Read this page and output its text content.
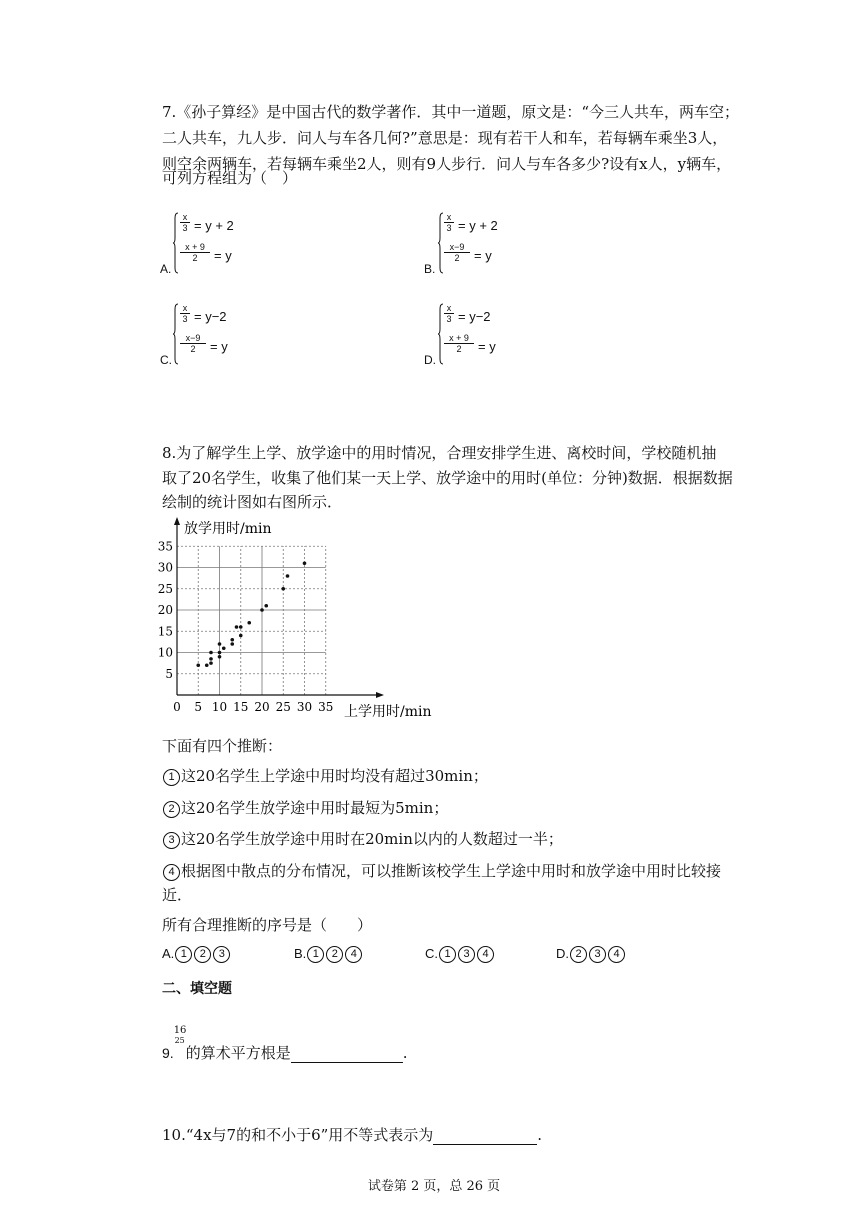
7.《孙子算经》是中国古代的数学著作．其中一道题，原文是：“今三人共车，两车空；
二人共车，九人步．问人与车各几何?”意思是：现有若干人和车，若每辆车乘坐3人，
则空余两辆车，若每辆车乘坐2人，则有9人步行．问人与车各多少?设有x人，y辆车，
可列方程组为（　）
A.
$\frac{x}{3} = y + 2$
$\frac{x + 9}{2} = y$
B.
$\frac{x}{3} = y + 2$
$\frac{x-9}{2} = y$
C.
$\frac{x}{3} = y-2$
$\frac{x-9}{2} = y$
D.
$\frac{x}{3} = y-2$
$\frac{x + 9}{2} = y$
8.为了解学生上学、放学途中的用时情况，合理安排学生进、离校时间，学校随机抽
取了20名学生，收集了他们某一天上学、放学途中的用时(单位：分钟)数据．根据数据
绘制的统计图如右图所示．
0 5 10 15 20 25 30 35
5
10
15
20
25
30
35
放学用时/min
上学用时/min
下面有四个推断：
1 这20名学生上学途中用时均没有超过30min；
2 这20名学生放学途中用时最短为5min；
3 这20名学生放学途中用时在20min以内的人数超过一半；
4 根据图中散点的分布情况，可以推断该校学生上学途中用时和放学途中用时比较接
近．
所有合理推断的序号是（　　）
A. 1 2 3	B. 1 2 4	C. 1 3 4	D. 2 3 4
二、填空题
9.
16
25
的算术平方根是	.
10.“4x与7的和不小于6”用不等式表示为	.
试卷第 2 页，总 26 页
